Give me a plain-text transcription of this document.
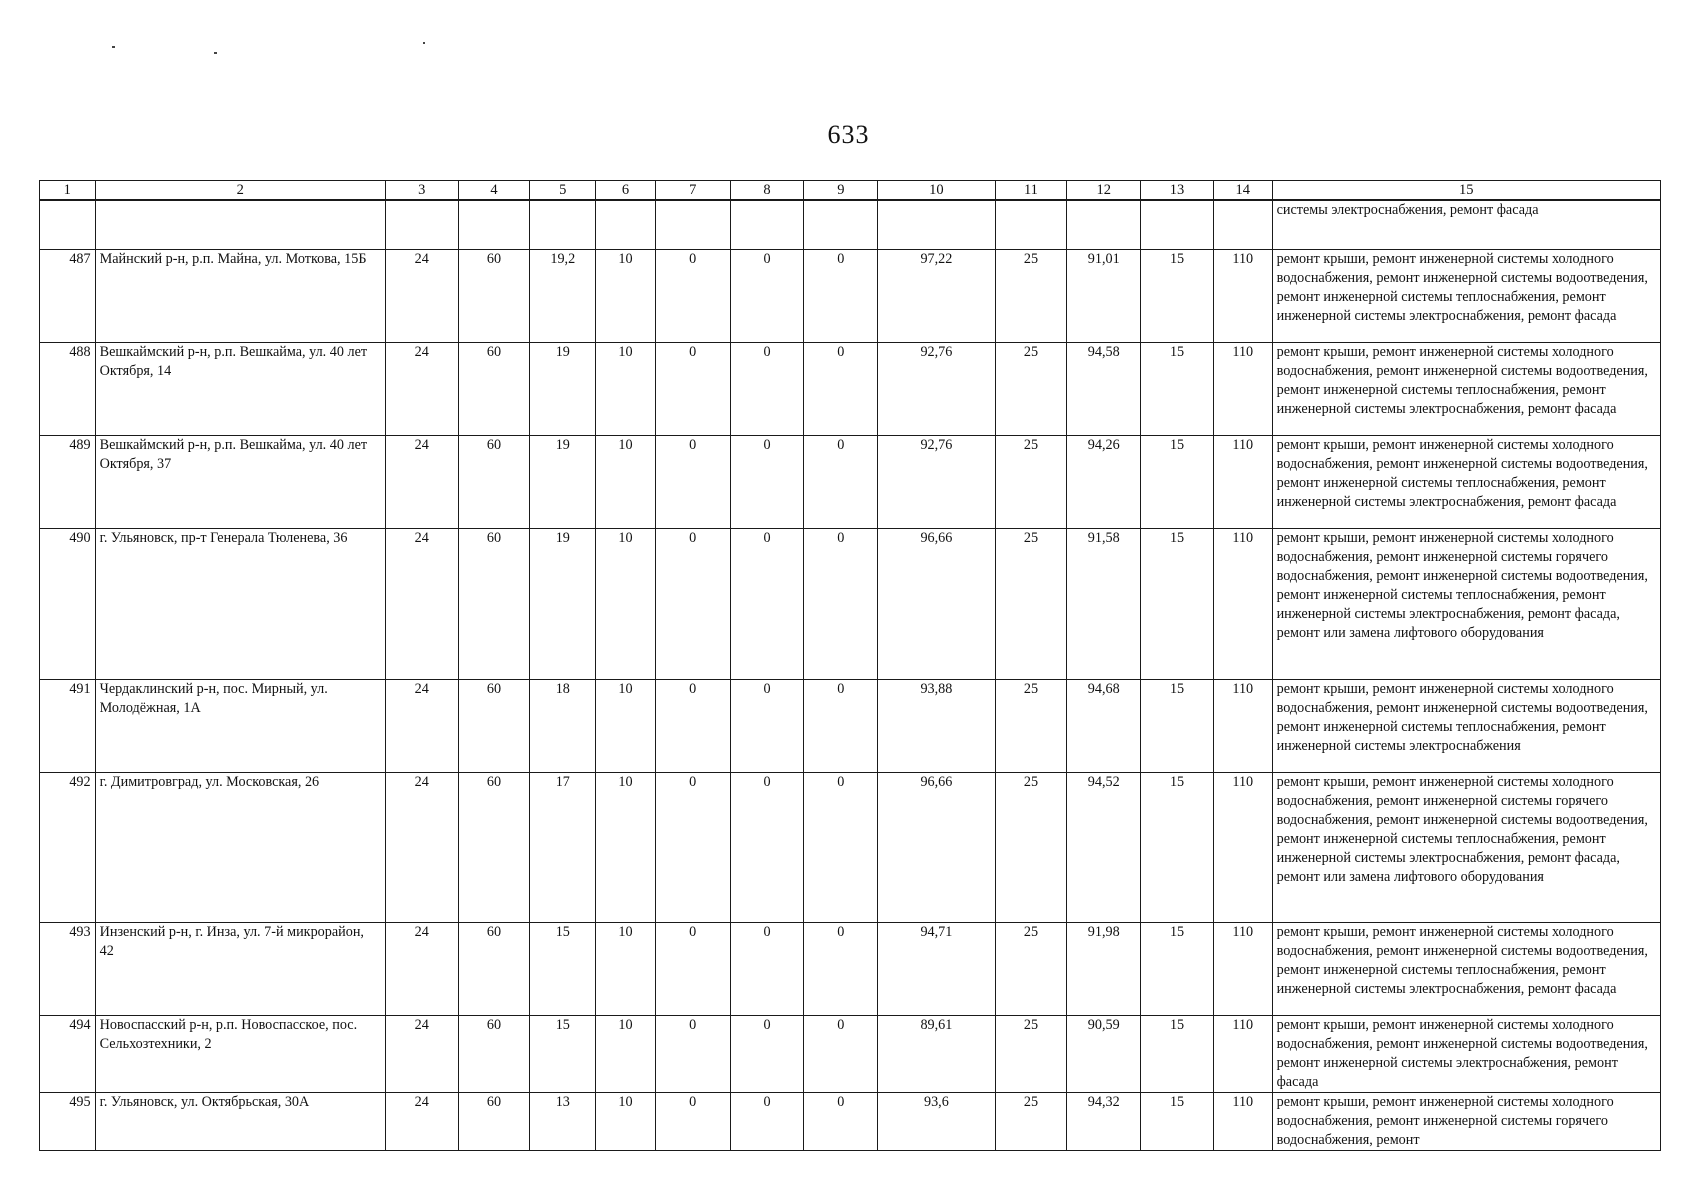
633
1	2	3	4	5	6	7	8	9	10	11	12	13	14	15
														системы электроснабжения, ремонт фасада
487	Майнский р-н, р.п. Майна, ул. Моткова, 15Б	24	60	19,2	10	0	0	0	97,22	25	91,01	15	110	ремонт крыши, ремонт инженерной системы холодного водоснабжения, ремонт инженерной системы водоотведения, ремонт инженерной системы теплоснабжения, ремонт инженерной системы электроснабжения, ремонт фасада
488	Вешкаймский р-н, р.п. Вешкайма, ул. 40 лет Октября, 14	24	60	19	10	0	0	0	92,76	25	94,58	15	110	ремонт крыши, ремонт инженерной системы холодного водоснабжения, ремонт инженерной системы водоотведения, ремонт инженерной системы теплоснабжения, ремонт инженерной системы электроснабжения, ремонт фасада
489	Вешкаймский р-н, р.п. Вешкайма, ул. 40 лет Октября, 37	24	60	19	10	0	0	0	92,76	25	94,26	15	110	ремонт крыши, ремонт инженерной системы холодного водоснабжения, ремонт инженерной системы водоотведения, ремонт инженерной системы теплоснабжения, ремонт инженерной системы электроснабжения, ремонт фасада
490	г. Ульяновск, пр-т Генерала Тюленева, 36	24	60	19	10	0	0	0	96,66	25	91,58	15	110	ремонт крыши, ремонт инженерной системы холодного водоснабжения, ремонт инженерной системы горячего водоснабжения, ремонт инженерной системы водоотведения, ремонт инженерной системы теплоснабжения, ремонт инженерной системы электроснабжения, ремонт фасада, ремонт или замена лифтового оборудования
491	Чердаклинский р-н, пос. Мирный, ул. Молодёжная, 1А	24	60	18	10	0	0	0	93,88	25	94,68	15	110	ремонт крыши, ремонт инженерной системы холодного водоснабжения, ремонт инженерной системы водоотведения, ремонт инженерной системы теплоснабжения, ремонт инженерной системы электроснабжения
492	г. Димитровград, ул. Московская, 26	24	60	17	10	0	0	0	96,66	25	94,52	15	110	ремонт крыши, ремонт инженерной системы холодного водоснабжения, ремонт инженерной системы горячего водоснабжения, ремонт инженерной системы водоотведения, ремонт инженерной системы теплоснабжения, ремонт инженерной системы электроснабжения, ремонт фасада, ремонт или замена лифтового оборудования
493	Инзенский р-н, г. Инза, ул. 7-й микрорайон, 42	24	60	15	10	0	0	0	94,71	25	91,98	15	110	ремонт крыши, ремонт инженерной системы холодного водоснабжения, ремонт инженерной системы водоотведения, ремонт инженерной системы теплоснабжения, ремонт инженерной системы электроснабжения, ремонт фасада
494	Новоспасский р-н, р.п. Новоспасское, пос. Сельхозтехники, 2	24	60	15	10	0	0	0	89,61	25	90,59	15	110	ремонт крыши, ремонт инженерной системы холодного водоснабжения, ремонт инженерной системы водоотведения, ремонт инженерной системы электроснабжения, ремонт фасада
495	г. Ульяновск, ул. Октябрьская, 30А	24	60	13	10	0	0	0	93,6	25	94,32	15	110	ремонт крыши, ремонт инженерной системы холодного водоснабжения, ремонт инженерной системы горячего водоснабжения, ремонт
